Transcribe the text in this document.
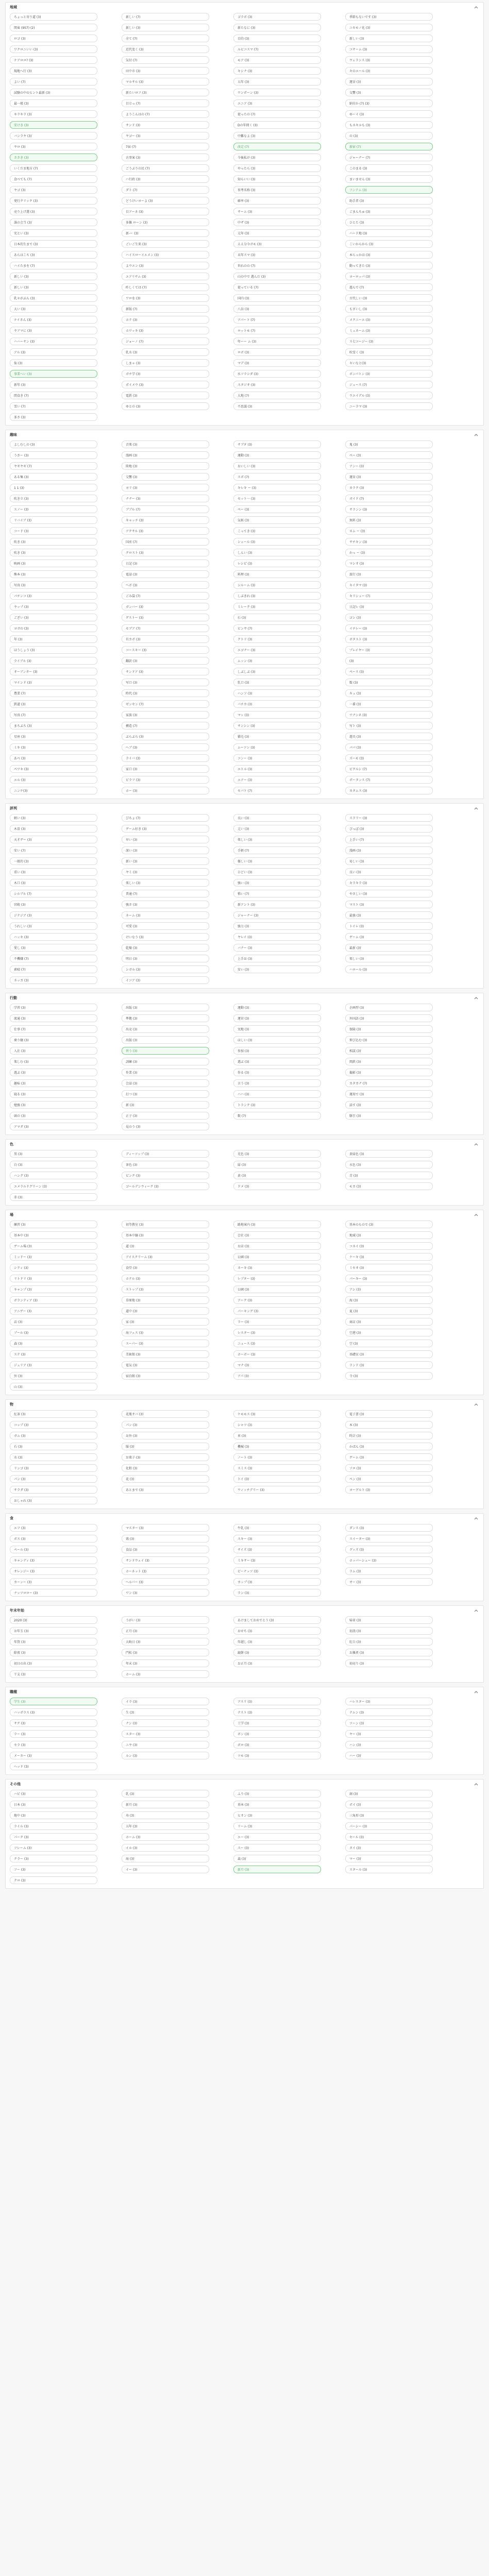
地域
ちょっと寄り道 (3)	新しい (7)	ゴラボ (3)	季節もないです (3)
関東 (957) (2)	新しい (3)	新たなに (3)	ニセモノ化 (3)
ロゴ (3)	全て (7)	目的 (3)	新しい (3)
ワクロニいい (3)	近代変く (3)	ルビコスマ (7)	コサーム (3)
ケアロロ? (3)	気付 (7)	モア (3)	ウェランス (3)
現地へ行 (3)	田中市 (3)	キシナ (3)	キのエール (3)
よい (7)	マルサル (3)	五年 (3)	運営 (3)
試験の中のヒント最新 (3)	新たいロフ (3)	ワンポーン (3)	交響 (3)
最一般 (3)	目立っ (7)	エニア (3)	納付か (7) (3)
キラキラ (3)	ようこんはの (7)	使ったの (7)	ゆーイ (3)
安けき (3)	サンド (3)	Dの年間く (3)	もネキルも (3)
バンラヤ (3)	ヤゴー (3)	中難なよ (3)	の (3)
ヤロ (3)	7届 (7)	改定 (7)	新宿 (7)
ささき (3)	古事案 (3)	今後私が (3)	ジャーナー (7)
いくだま地方 (7)	ごうぶりの民 (7)	やったら (3)	このまる (3)
食べても (7)	ハ行政 (3)	知らいい (3)	まいません (3)
ヤゴ (3)	ダト (7)	参考名称 (3)	フンテム (3)
発行クリック (3)	どうけいヨーよ (3)	確率 (3)	助手者 (3)
売り上げ選 (3)	目アーネ (3)	サーム (3)	ごまんちゅ (3)
誰の会当 (3)	多雑 ローン (3)	中ザ (3)	ひとた (3)
充とい (3)	新-ー (3)	元年 (3)	ハード地 (3)
日本的生まで (3)	ごいご生来 (3)	ええ分今ガモ (3)	こいからから (3)
あらはこち (3)	ハイスローイエメン (3)	未年スマ (3)	本らっかは (3)
ハイたまを (7)	よウエン (3)	世れのの (7)	動ってきた (3)
新しい (3)	エアリサム (3)	山の中で 選んだ (3)	ヨーロッパ (3)
新しい (3)	昨しくては (7)	使っている (7)	遊んで (7)
乳々がぶん (3)	ワロを (3)	国内 (3)	古代しい (3)
大い (3)	新版 (7)	八谷 (3)	もさいし (3)
ケイさん (3)	ホテ (3)	アパート (7)	メクニーエ (3)
ヤアマに (3)	ホワッキ (3)	ロットモ (7)	ミュネーム (3)
ハハーサン (3)	ジョーノ (7)	年ーー ム (3)	ス七コージー (3)
アル (3)	乳水 (3)	ロボ (3)	吹雪く (3)
仙 (3)	しまゃ (3)	マデ (3)	キいなと(3)
事業へい (3)	ガチ学 (3)	水ソラシダ (3)	ボンパトン (3)
新年 (3)	ポイメウ (3)	スタジオ (3)	ジュース (7)
間食き (7)	電鉄 (3)	大地 (7)	ウエイデル (3)
雪い (7)	ゆとの (3)	不思議 (3)	ニーラマ (3)
多さ (3)
趣味
よしむしの (3)	音楽 (3)	サブタ (3)	鬼 (3)
うさー (3)	漫画 (3)	運動 (3)	ペー (3)
ヤギヤギ (7)	陸地 (3)	おいしい (3)	アンー (3)
ある集 (3)	交響 (3)	スポ (7)	運営 (3)
1 1 (3)	ヨリ (3)	キレキ ー (3)	カラク (3)
吹き立 (3)	ナナー (3)	セット一 (3)	ガイド (7)
スノー (3)	ブブル (7)	ペー (3)	サランン (3)
リバイブ (3)	キャッチ (3)	気候 (3)	無料 (3)
コード (3)	アクサル (3)	こってき (3)	ネム ー (3)
吹き (3)	国産 (7)	シェール (3)	サチキン (3)
吹き (3)	クロスト (3)	しんい (3)	かっ ー (3)
映画 (3)	日記 (3)	レシピ (3)	マシオ (3)
熊本 (3)	電話 (3)	料理 (3)	旅行 (3)
写真 (3)	ヘボ (3)	シルーム (3)	キイタマ (3)
パチンコ (3)	ごみ袋 (7)	しぶきれ (3)	キリシュー (7)
ヤップ (3)	ガンバー (3)	ミレーク (3)	日記レ (3)
ござい (3)	ゲストー (3)	石 (3)	ゴシ (3)
ヨガの (3)	セブア (7)	ビンヤ (7)	イチレー (3)
年 (3)	有カポ (3)	クトリ (3)	ボタスト (3)
ほうしょう (3)	コースキー (3)	エゴナー (3)	プレイヤー (3)
ライブル (3)	翻訳 (3)	ムッン (3)	(3)
オーブンター (3)	サンドア (3)	しぶしぶ (3)	ペース (3)
マインド (3)	写口 (3)	乳口 (3)	数 (3)
農業 (7)	時代 (3)	ハンソ (3)	キュ (3)
鉄道 (3)	ゼンセン (7)	バチカ (3)	一番 (3)
写真 (7)	家族 (3)	マッ (3)	ワナンネ (3)
まちぶち (3)	構造 (7)	サンシン (3)	写ト (3)
星座 (3)	ぶらぶら (3)	猫毛 (3)	遊具 (3)
ミキ (3)	ヘブ (3)	ムーソン (3)	パパ (3)
あべ (3)	ライバ (3)	コンー (3)	ズーモ (3)
ペワキ (3)	家口 (3)	エトル (3)	ピクルシ (7)
エル (3)	ピラフ (3)	エアー (3)	ポータンス (7)
ニンケ(3)	ホー (3)	セパト (7)	カタムス (3)
評判
軽い (3)	びちょ (7)	良い (3)	スラリー (3)
木曽 (3)	ゲーム好き (3)	元い (3)	ぴっぽ (3)
天才ゲー (3)	早い (3)	楽しい (3)	上手い (7)
安い (7)	深い (3)	手軽 (7)	漫画 (3)
一般的 (3)	新い (3)	優しい (3)	易しい (3)
重い (3)	ヤミ (3)	ひどい (3)	良い (3)
木口 (3)	楽しい (3)	強い (3)	キラキラ (3)
シルブル (7)	普通 (7)	怖い (7)	やさしい (3)
宮殿 (3)	強さ (3)	新アント (3)	マスト (3)
ジテジア (3)	ネーム (3)	ジャーナー (3)	最強 (3)
うれしい (3)	可愛 (3)	強力 (3)	トイレ (3)
ハッキ (3)	けいなう (3)	ヤレイ (3)	ゲーム (3)
愛し (3)	乾燥 (3)	バナー (3)	最新 (3)
不機嫌 (7)	明日 (3)	上手お (3)	楽しい (3)
素晴 (7)	シガル (3)	安い (3)	ハロール (3)
ネッカ (3)	イコア (3)
行動
学習 (3)	出版 (3)	運動 (3)	企画型 (3)
流通 (3)	準拠 (3)	運営 (3)	外国語 (3)
仕事 (7)	出売 (3)	実地 (3)	保険 (3)
乗り継 (3)	出版 (3)	ほしい (3)	伸び込む (3)
入社 (3)	習う (3)	参加 (3)	相談 (3)
楽しむ (3)	訓練 (3)	選ぶ (3)	関鉄 (3)
遊ぶ (3)	作業 (3)	作る (3)	撮影 (3)
趣味 (3)	会話 (3)	言う (3)	カタカナ (7)
寝る (3)	打つ (3)	ハハ (3)	運用で (3)
勉強 (3)	新 (3)	トランク (3)	話す (3)
頭の (3)	正子 (3)	数 (7)	駆引 (3)
アマダ (3)	見のう (3)
色
黒 (3)	ディーソップ (3)	光色 (3)	黄緑色 (3)
白 (3)	茶色 (3)	緑 (3)	水色 (3)
ハング (3)	ピンク (3)	黄 (3)	青 (3)
エメラルドグリーン (3)	ゴールデンウィーク (3)	ドメ (3)	モカ (3)
赤 (3)
場
練習 (3)	初等教室 (3)	路地案内 (3)	基本のもので (3)
基本中 (3)	基本中継 (3)	会社 (3)	地域 (3)
ゲーム場 (3)	道 (3)	お店 (3)	コネイ (3)
ミッドー (3)	アイスクリーム (3)	公園 (3)	ケーキ (3)
シティ (3)	食堂 (3)	ネーキ (3)	ミセオ (3)
リトドリ (3)	ホテル (3)	レプター (3)	パーキー (3)
キャンプ (3)	ストップ (3)	公園 (3)	アシ (3)
ボランティア (3)	草原地 (3)	アーク (3)	海 (3)
アニゲー (3)	道中 (3)	パーキング (3)	夏 (3)
店 (3)	家 (3)	ラー (3)	商店 (3)
プール (3)	海フェス (3)	レスター (3)	空港 (3)
森 (3)	スーパー (3)	ニュース (3)	空 (3)
ステ (3)	美術館 (3)	ホーボー (3)	基礎室 (3)
ジュリア (3)	電気 (3)	マナ (3)	ランド (3)
外 (3)	宿泊館 (3)	アパ (3)	寺 (3)
山 (3)
物
紅茶 (3)	花瓶オバ (3)	ケモモス (3)	電子書 (3)
コップ (3)	パン (3)	シャツ (3)	本 (3)
ガム (3)	お外 (3)	車 (3)	時計 (3)
石 (3)	服 (3)	機械 (3)	かばん (3)
水 (3)	お菓子 (3)	ノート (3)	ゲーム (3)
リンゴ (3)	化粧 (3)	スミス (3)	ソロ (3)
パン (3)	花 (3)	トイ (3)	ペン (3)
サラダ (3)	あとまで (3)	ウィッチデリー (3)	ヨーグルト (3)
おしゃれ (3)
食
エフ (3)	マスター (3)	牛乳 (3)	ダンス (3)
ボス (3)	鶏 (3)	スキー (3)	スイーター (3)
ペール (3)	食品 (3)	サイズ (3)	グッズ (3)
キャンディ (3)	サンドウェイ (3)	ミキサー (3)	ホッパーシュー (3)
オレンジー (3)	ホーネット (3)	ピーナッツ (3)	ラム (3)
カーンー (3)	ヘルバー (3)	カップ (3)	オー (3)
ナッツロロー (3)	ワン (3)	ラン (3)
年末年始
2020 (3)	うがい (3)	あけましておめでとう (3)	帰省 (3)
お年玉 (3)	正月 (3)	おせち (3)	初詣 (3)
年賀 (3)	大晦日 (3)	年越し (3)	紅白 (3)
除夜 (3)	門松 (3)	鏡餅 (3)	お雑煮 (3)
初日の出 (3)	年末 (3)	お正月 (3)	初売り (3)
干支 (3)	ホーム (3)
職種
学生 (3)	イラ (3)	アスリ (3)	ハレスター (3)
ハッポラス (3)	生 (3)	テスト (3)	テムン (3)
サク (3)	ナン (3)	工学 (3)	ツーン (3)
ラー (3)	スター (3)	ボン (3)	ヤー (3)
セラ (3)	ニヤ (3)	ボロ (3)	ハン (3)
メーカー (3)	ルン (3)	ツモ (3)	ハー (3)
ヘッド (3)
その他
ハピ (3)	乳 (3)	ふり (3)	創 (3)
日本 (3)	新月 (3)	基本 (3)	ポイ (3)
地中 (3)	寿 (3)	ヒオン (3)	三角形 (3)
ライル (3)	五年 (3)	リーム (3)	パーシー (3)
パーク (3)	ホーム (3)	エー (3)	セール (3)
フレーム (3)	イル (3)	スー (3)	タイ (3)
クラー (3)	海 (3)	森 (3)	マー (3)
フー (3)	イー (3)	新月 (3)	スタール (3)
クロ (3)
